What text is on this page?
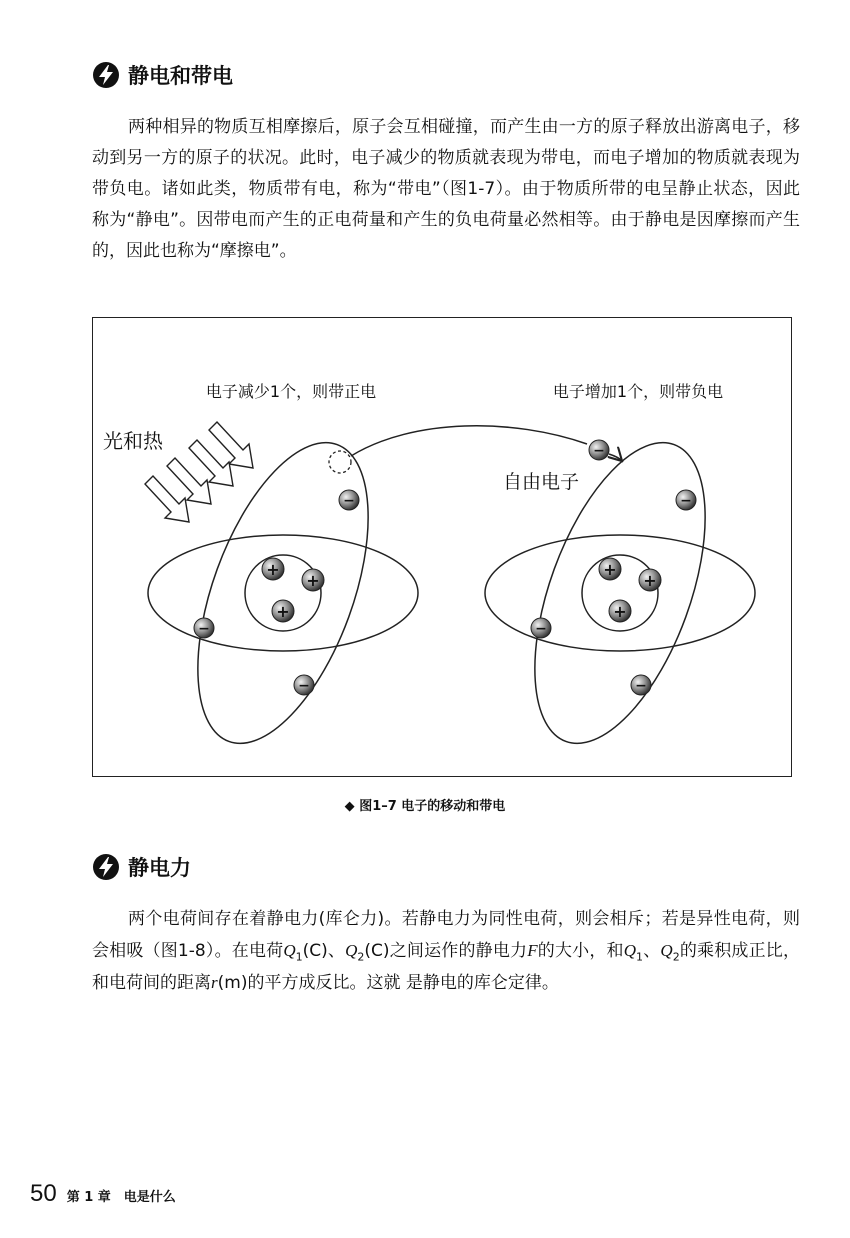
静电和带电

两种相异的物质互相摩擦后，原子会互相碰撞，而产生由一方的原子释放出游离电子，移动到另一方的原子的状况。此时，电子减少的物质就表现为带电，而电子增加的物质就表现为带负电。诸如此类，物质带有电，称为“带电”（图1-7）。由于物质所带的电呈静止状态，因此称为“静电”。因带电而产生的正电荷量和产生的负电荷量必然相等。由于静电是因摩擦而产生的，因此也称为“摩擦电”。

+
+
+
−
−
−
+
+
+
−
−
−
−
电子减少1个，则带正电	电子增加1个，则带负电
光和热
自由电子
◆ 图1–7 电子的移动和带电
静电力

两个电荷间存在着静电力(库仑力)。若静电力为同性电荷，则会相斥；若是异性电荷，则会相吸（图1-8）。在电荷$Q_1(C)$、$Q_2(C)$之间运作的静电力F的大小，和$Q_1$、$Q_2$的乘积成正比，和电荷间的距离r(m)的平方成反比。这就 是静电的库仑定律。

50 第 1 章　电是什么
